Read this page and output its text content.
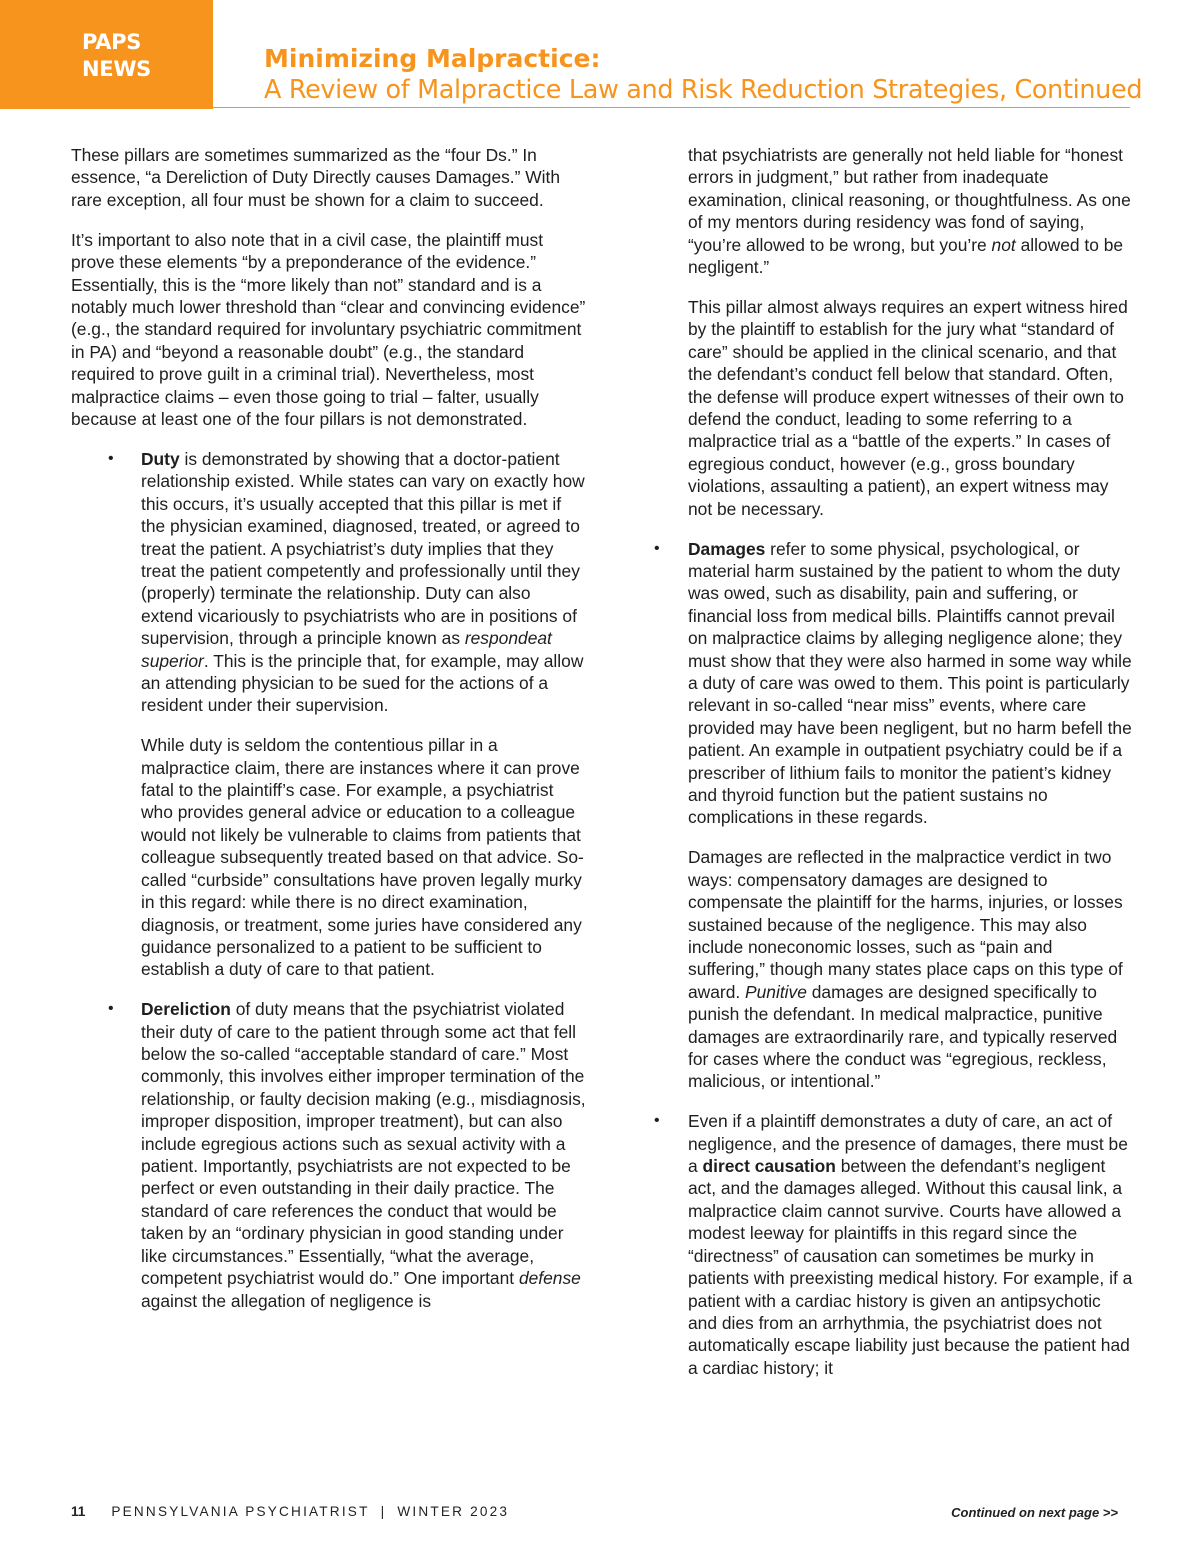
PAPS
NEWS	Minimizing Malpractice:
A Review of Malpractice Law and Risk Reduction Strategies, Continued

These pillars are sometimes summarized as the “four Ds.” In essence, “a Dereliction of Duty Directly causes Damages.” With rare exception, all four must be shown for a claim to succeed.

It’s important to also note that in a civil case, the plaintiff must prove these elements “by a preponderance of the evidence.” Essentially, this is the “more likely than not” standard and is a notably much lower threshold than “clear and convincing evidence” (e.g., the standard required for involuntary psychiatric commitment in PA) and “beyond a reasonable doubt” (e.g., the standard required to prove guilt in a criminal trial). Nevertheless, most malpractice claims – even those going to trial – falter, usually because at least one of the four pillars is not demonstrated.

• Duty is demonstrated by showing that a doctor-patient relationship existed. While states can vary on exactly how this occurs, it’s usually accepted that this pillar is met if the physician examined, diagnosed, treated, or agreed to treat the patient. A psychiatrist’s duty implies that they treat the patient competently and professionally until they (properly) terminate the relationship. Duty can also extend vicariously to psychiatrists who are in positions of supervision, through a principle known as respondeat superior. This is the principle that, for example, may allow an attending physician to be sued for the actions of a resident under their supervision.

While duty is seldom the contentious pillar in a malpractice claim, there are instances where it can prove fatal to the plaintiff’s case. For example, a psychiatrist who provides general advice or education to a colleague would not likely be vulnerable to claims from patients that colleague subsequently treated based on that advice. So-called “curbside” consultations have proven legally murky in this regard: while there is no direct examination, diagnosis, or treatment, some juries have considered any guidance personalized to a patient to be sufficient to establish a duty of care to that patient.

• Dereliction of duty means that the psychiatrist violated their duty of care to the patient through some act that fell below the so-called “acceptable standard of care.” Most commonly, this involves either improper termination of the relationship, or faulty decision making (e.g., misdiagnosis, improper disposition, improper treatment), but can also include egregious actions such as sexual activity with a patient. Importantly, psychiatrists are not expected to be perfect or even outstanding in their daily practice. The standard of care references the conduct that would be taken by an “ordinary physician in good standing under like circumstances.” Essentially, “what the average, competent psychiatrist would do.” One important defense against the allegation of negligence is

that psychiatrists are generally not held liable for “honest errors in judgment,” but rather from inadequate examination, clinical reasoning, or thoughtfulness. As one of my mentors during residency was fond of saying, “you’re allowed to be wrong, but you’re not allowed to be negligent.”

This pillar almost always requires an expert witness hired by the plaintiff to establish for the jury what “standard of care” should be applied in the clinical scenario, and that the defendant’s conduct fell below that standard. Often, the defense will produce expert witnesses of their own to defend the conduct, leading to some referring to a malpractice trial as a “battle of the experts.” In cases of egregious conduct, however (e.g., gross boundary violations, assaulting a patient), an expert witness may not be necessary.

• Damages refer to some physical, psychological, or material harm sustained by the patient to whom the duty was owed, such as disability, pain and suffering, or financial loss from medical bills. Plaintiffs cannot prevail on malpractice claims by alleging negligence alone; they must show that they were also harmed in some way while a duty of care was owed to them. This point is particularly relevant in so-called “near miss” events, where care provided may have been negligent, but no harm befell the patient. An example in outpatient psychiatry could be if a prescriber of lithium fails to monitor the patient’s kidney and thyroid function but the patient sustains no complications in these regards.

Damages are reflected in the malpractice verdict in two ways: compensatory damages are designed to compensate the plaintiff for the harms, injuries, or losses sustained because of the negligence. This may also include noneconomic losses, such as “pain and suffering,” though many states place caps on this type of award. Punitive damages are designed specifically to punish the defendant. In medical malpractice, punitive damages are extraordinarily rare, and typically reserved for cases where the conduct was “egregious, reckless, malicious, or intentional.”

• Even if a plaintiff demonstrates a duty of care, an act of negligence, and the presence of damages, there must be a direct causation between the defendant’s negligent act, and the damages alleged. Without this causal link, a malpractice claim cannot survive. Courts have allowed a modest leeway for plaintiffs in this regard since the “directness” of causation can sometimes be murky in patients with preexisting medical history. For example, if a patient with a cardiac history is given an antipsychotic and dies from an arrhythmia, the psychiatrist does not automatically escape liability just because the patient had a cardiac history; it

11 PENNSYLVANIA PSYCHIATRIST | WINTER 2023	Continued on next page >>
